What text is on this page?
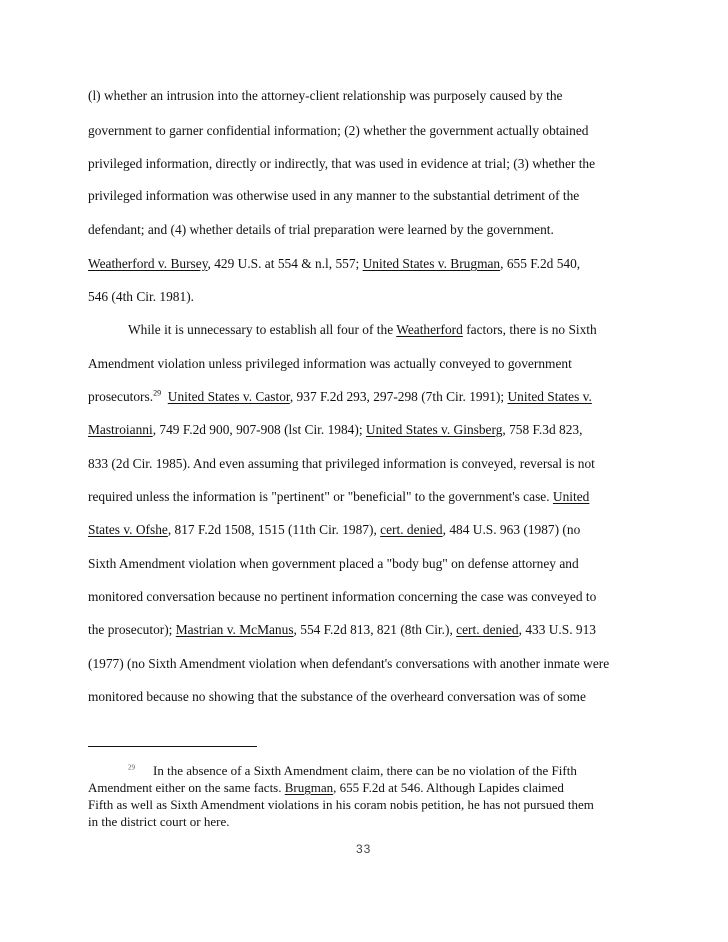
(l) whether an intrusion into the attorney-client relationship was purposely caused by the
government to garner confidential information; (2) whether the government actually obtained
privileged information, directly or indirectly, that was used in evidence at trial; (3) whether the
privileged information was otherwise used in any manner to the substantial detriment of the
defendant; and (4) whether details of trial preparation were learned by the government.
Weatherford v. Bursey, 429 U.S. at 554 & n.l, 557; United States v. Brugman, 655 F.2d 540,
546 (4th Cir. 1981).
While it is unnecessary to establish all four of the Weatherford factors, there is no Sixth
Amendment violation unless privileged information was actually conveyed to government
prosecutors.$^{29}$ United States v. Castor, 937 F.2d 293, 297-298 (7th Cir. 1991); United States v.
Mastroianni, 749 F.2d 900, 907-908 (lst Cir. 1984); United States v. Ginsberg, 758 F.3d 823,
833 (2d Cir. 1985). And even assuming that privileged information is conveyed, reversal is not
required unless the information is "pertinent" or "beneficial" to the government's case. United
States v. Ofshe, 817 F.2d 1508, 1515 (11th Cir. 1987), cert. denied, 484 U.S. 963 (1987) (no
Sixth Amendment violation when government placed a "body bug" on defense attorney and
monitored conversation because no pertinent information concerning the case was conveyed to
the prosecutor); Mastrian v. McManus, 554 F.2d 813, 821 (8th Cir.), cert. denied, 433 U.S. 913
(1977) (no Sixth Amendment violation when defendant's conversations with another inmate were
monitored because no showing that the substance of the overheard conversation was of some
$^{29}$ In the absence of a Sixth Amendment claim, there can be no violation of the Fifth
Amendment either on the same facts. Brugman, 655 F.2d at 546. Although Lapides claimed
Fifth as well as Sixth Amendment violations in his coram nobis petition, he has not pursued them
in the district court or here.
33
